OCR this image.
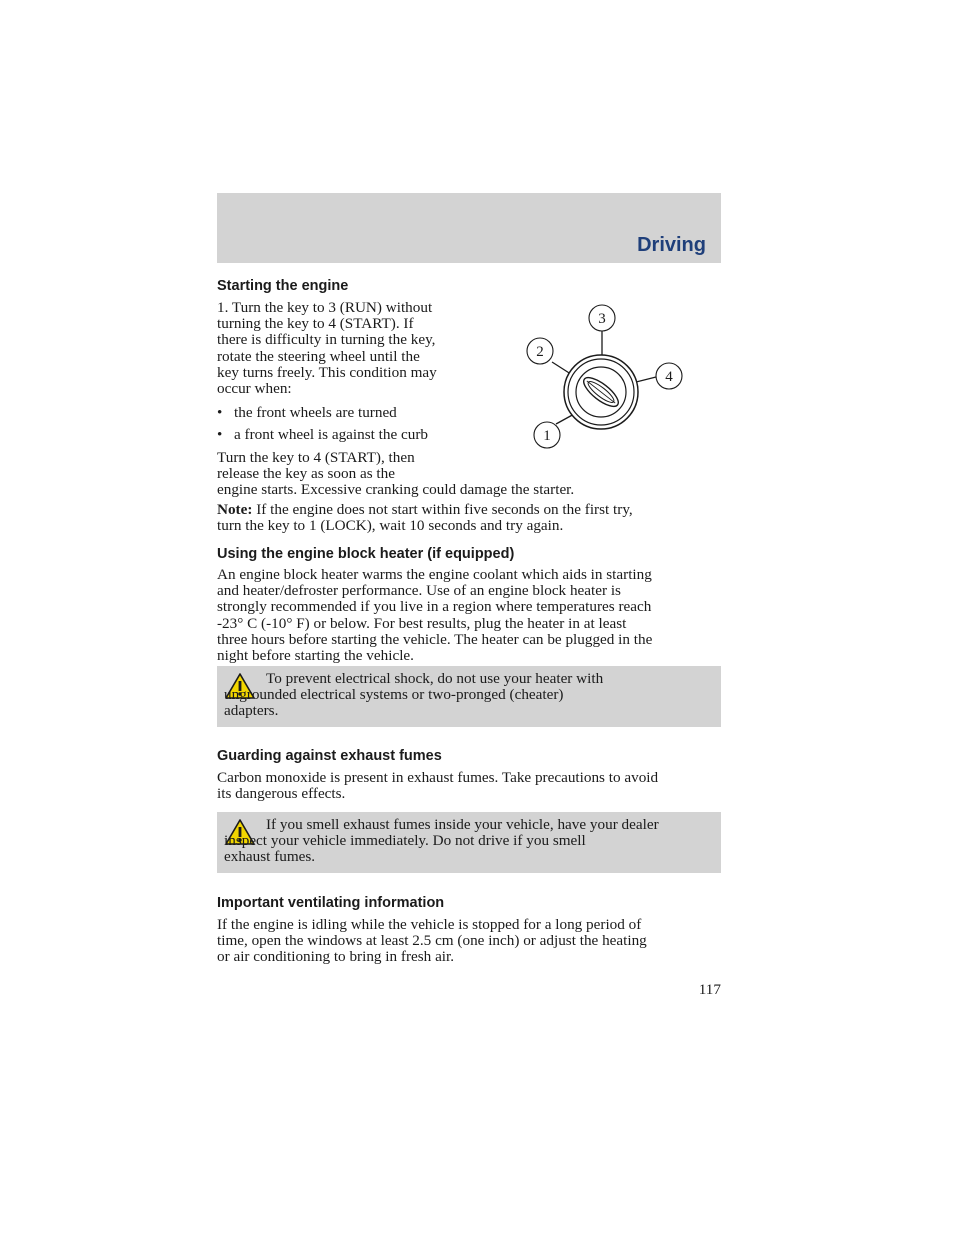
Driving
Starting the engine
1. Turn the key to 3 (RUN) without
turning the key to 4 (START). If
there is difficulty in turning the key,
rotate the steering wheel until the
key turns freely. This condition may
occur when:
• the front wheels are turned
• a front wheel is against the curb
Turn the key to 4 (START), then
release the key as soon as the
engine starts. Excessive cranking could damage the starter.
Note: If the engine does not start within five seconds on the first try,
turn the key to 1 (LOCK), wait 10 seconds and try again.
3
2
4
1
Using the engine block heater (if equipped)
An engine block heater warms the engine coolant which aids in starting
and heater/defroster performance. Use of an engine block heater is
strongly recommended if you live in a region where temperatures reach
-23° C (-10° F) or below. For best results, plug the heater in at least
three hours before starting the vehicle. The heater can be plugged in the
night before starting the vehicle.
To prevent electrical shock, do not use your heater with
ungrounded electrical systems or two-pronged (cheater)
adapters.
Guarding against exhaust fumes
Carbon monoxide is present in exhaust fumes. Take precautions to avoid
its dangerous effects.
If you smell exhaust fumes inside your vehicle, have your dealer
inspect your vehicle immediately. Do not drive if you smell
exhaust fumes.
Important ventilating information
If the engine is idling while the vehicle is stopped for a long period of
time, open the windows at least 2.5 cm (one inch) or adjust the heating
or air conditioning to bring in fresh air.
117
